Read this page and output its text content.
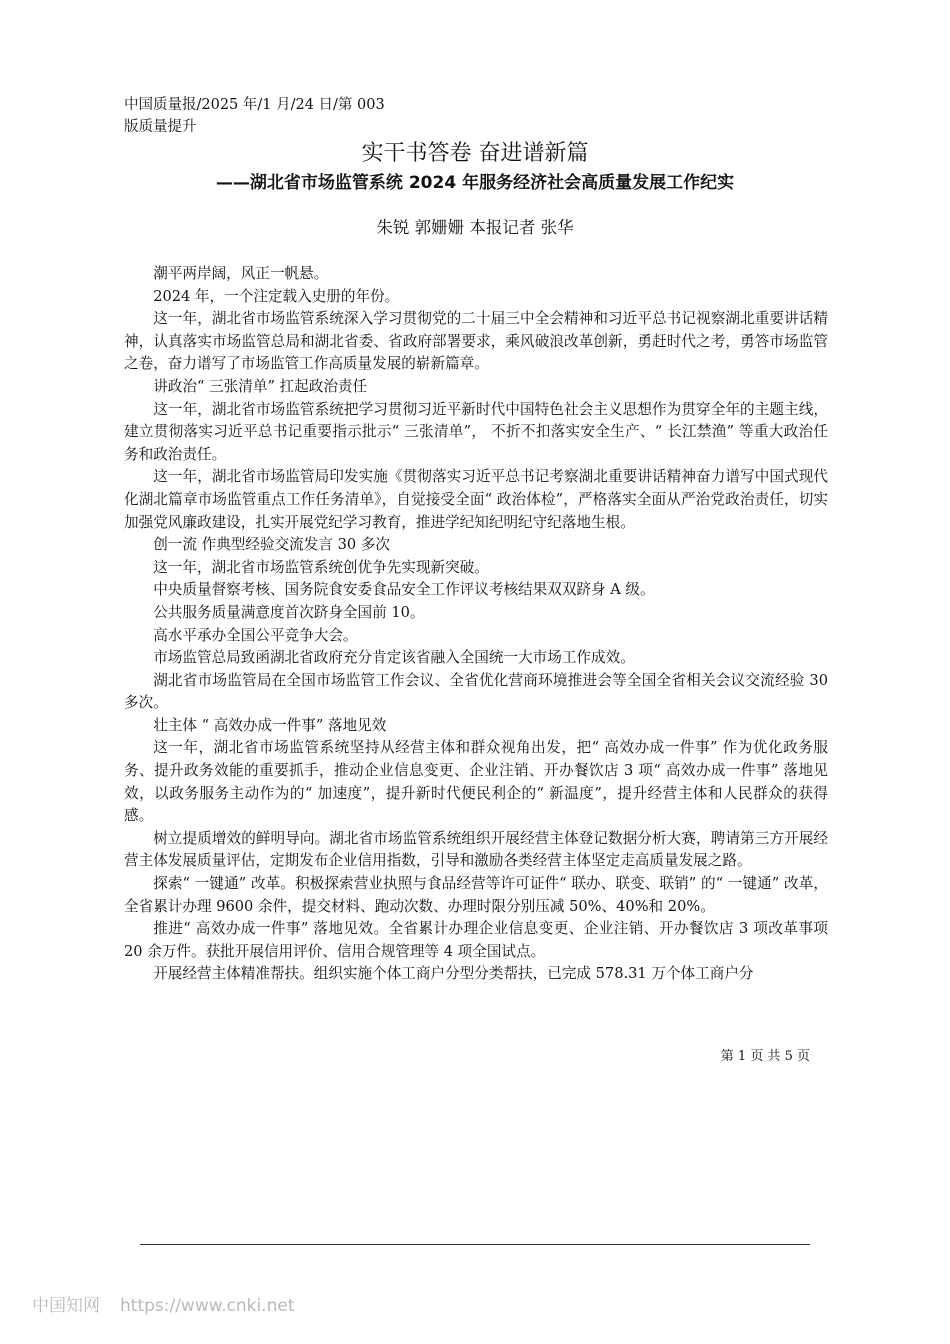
中国质量报/2025 年/1 月/24 日/第 003
版质量提升
实干书答卷 奋进谱新篇
——湖北省市场监管系统 2024 年服务经济社会高质量发展工作纪实
朱锐 郭姗姗 本报记者 张华

潮平两岸阔，风正一帆悬。

2024 年，一个注定载入史册的年份。

这一年，湖北省市场监管系统深入学习贯彻党的二十届三中全会精神和习近平总书记视察湖北重要讲话精神，认真落实市场监管总局和湖北省委、省政府部署要求，乘风破浪改革创新，勇赶时代之考，勇答市场监管之卷，奋力谱写了市场监管工作高质量发展的崭新篇章。

讲政治“ 三张清单” 扛起政治责任

这一年，湖北省市场监管系统把学习贯彻习近平新时代中国特色社会主义思想作为贯穿全年的主题主线， 建立贯彻落实习近平总书记重要指示批示“ 三张清单”， 不折不扣落实安全生产、“ 长江禁渔” 等重大政治任务和政治责任。

这一年，湖北省市场监管局印发实施《贯彻落实习近平总书记考察湖北重要讲话精神奋力谱写中国式现代化湖北篇章市场监管重点工作任务清单》，自觉接受全面“ 政治体检”，严格落实全面从严治党政治责任，切实加强党风廉政建设，扎实开展党纪学习教育，推进学纪知纪明纪守纪落地生根。

创一流 作典型经验交流发言 30 多次

这一年，湖北省市场监管系统创优争先实现新突破。

中央质量督察考核、国务院食安委食品安全工作评议考核结果双双跻身 A 级。

公共服务质量满意度首次跻身全国前 10。

高水平承办全国公平竞争大会。

市场监管总局致函湖北省政府充分肯定该省融入全国统一大市场工作成效。

湖北省市场监管局在全国市场监管工作会议、全省优化营商环境推进会等全国全省相关会议交流经验 30 多次。

壮主体 “ 高效办成一件事” 落地见效

这一年，湖北省市场监管系统坚持从经营主体和群众视角出发，把“ 高效办成一件事” 作为优化政务服务、提升政务效能的重要抓手，推动企业信息变更、企业注销、开办餐饮店 3 项“ 高效办成一件事” 落地见效，以政务服务主动作为的“ 加速度”，提升新时代便民利企的“ 新温度”，提升经营主体和人民群众的获得感。

树立提质增效的鲜明导向。湖北省市场监管系统组织开展经营主体登记数据分析大赛，聘请第三方开展经营主体发展质量评估，定期发布企业信用指数，引导和激励各类经营主体坚定走高质量发展之路。

探索“ 一键通” 改革。积极探索营业执照与食品经营等许可证件“ 联办、联变、联销” 的“ 一键通” 改革，全省累计办理 9600 余件，提交材料、跑动次数、办理时限分别压减 50%、40%和 20%。

推进“ 高效办成一件事” 落地见效。全省累计办理企业信息变更、企业注销、开办餐饮店 3 项改革事项 20 余万件。获批开展信用评价、信用合规管理等 4 项全国试点。

开展经营主体精准帮扶。组织实施个体工商户分型分类帮扶，已完成 578.31 万个体工商户分

第 1 页 共 5 页
中国知网 https://www.cnki.net
